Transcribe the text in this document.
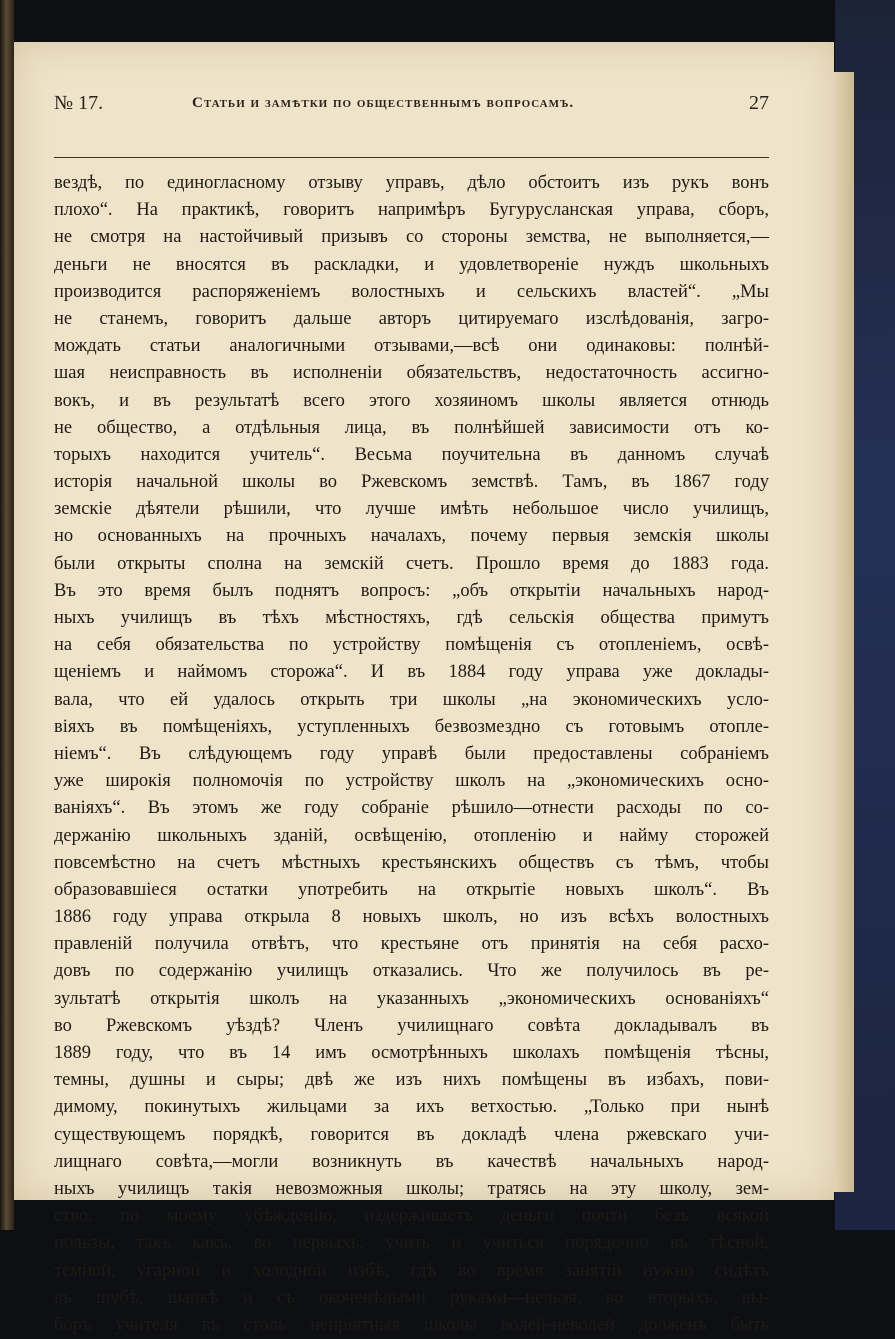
№ 17.	Статьи и замѣтки по общественнымъ вопросамъ.	27
вездѣ, по единогласному отзыву управъ, дѣло обстоитъ изъ рукъ вонъ
плохо“. На практикѣ, говоритъ напримѣръ Бугурусланская управа, сборъ,
не смотря на настойчивый призывъ со стороны земства, не выполняется,—
деньги не вносятся въ раскладки, и удовлетвореніе нуждъ школьныхъ
производится распоряженіемъ волостныхъ и сельскихъ властей“. „Мы
не станемъ, говоритъ дальше авторъ цитируемаго изслѣдованія, загро-
мождать статьи аналогичными отзывами,—всѣ они одинаковы: полнѣй-
шая неисправность въ исполненіи обязательствъ, недостаточность ассигно-
вокъ, и въ результатѣ всего этого хозяиномъ школы является отнюдь
не общество, а отдѣльныя лица, въ полнѣйшей зависимости отъ ко-
торыхъ находится учитель“. Весьма поучительна въ данномъ случаѣ
исторія начальной школы во Ржевскомъ земствѣ. Тамъ, въ 1867 году
земскіе дѣятели рѣшили, что лучше имѣть небольшое число училищъ,
но основанныхъ на прочныхъ началахъ, почему первыя земскія школы
были открыты сполна на земскій счетъ. Прошло время до 1883 года.
Въ это время былъ поднятъ вопросъ: „объ открытіи начальныхъ народ-
ныхъ училищъ въ тѣхъ мѣстностяхъ, гдѣ сельскія общества примутъ
на себя обязательства по устройству помѣщенія съ отопленіемъ, освѣ-
щеніемъ и наймомъ сторожа“. И въ 1884 году управа уже доклады-
вала, что ей удалось открыть три школы „на экономическихъ усло-
віяхъ въ помѣщеніяхъ, уступленныхъ безвозмездно съ готовымъ отопле-
ніемъ“. Въ слѣдующемъ году управѣ были предоставлены собраніемъ
уже широкія полномочія по устройству школъ на „экономическихъ осно-
ваніяхъ“. Въ этомъ же году собраніе рѣшило—отнести расходы по со-
держанію школьныхъ зданій, освѣщенію, отопленію и найму сторожей
повсемѣстно на счетъ мѣстныхъ крестьянскихъ обществъ съ тѣмъ, чтобы
образовавшіеся остатки употребить на открытіе новыхъ школъ“. Въ
1886 году управа открыла 8 новыхъ школъ, но изъ всѣхъ волостныхъ
правленій получила отвѣтъ, что крестьяне отъ принятія на себя расхо-
довъ по содержанію училищъ отказались. Что же получилось въ ре-
зультатѣ открытія школъ на указанныхъ „экономическихъ основаніяхъ“
во Ржевскомъ уѣздѣ? Членъ училищнаго совѣта докладывалъ въ
1889 году, что въ 14 имъ осмотрѣнныхъ школахъ помѣщенія тѣсны,
темны, душны и сыры; двѣ же изъ нихъ помѣщены въ избахъ, пови-
димому, покинутыхъ жильцами за ихъ ветхостью. „Только при нынѣ
существующемъ порядкѣ, говорится въ докладѣ члена ржевскаго учи-
лищнаго совѣта,—могли возникнуть въ качествѣ начальныхъ народ-
ныхъ училищъ такія невозможныя школы; тратясь на эту школу, зем-
ство, по моему убѣжденію, издерживаетъ деньги почти безъ всякой
пользы, такъ какъ, во первыхъ, учить и учиться порядочно въ тѣсной,
темной, угарной и холодной избѣ, гдѣ во время занятій нужно сидѣть
въ шубѣ, шапкѣ и съ окоченѣлыми руками—нельзя, во вторыхъ, вы-
боръ учителя въ столь непріятныя школы волей-неволей долженъ быть
